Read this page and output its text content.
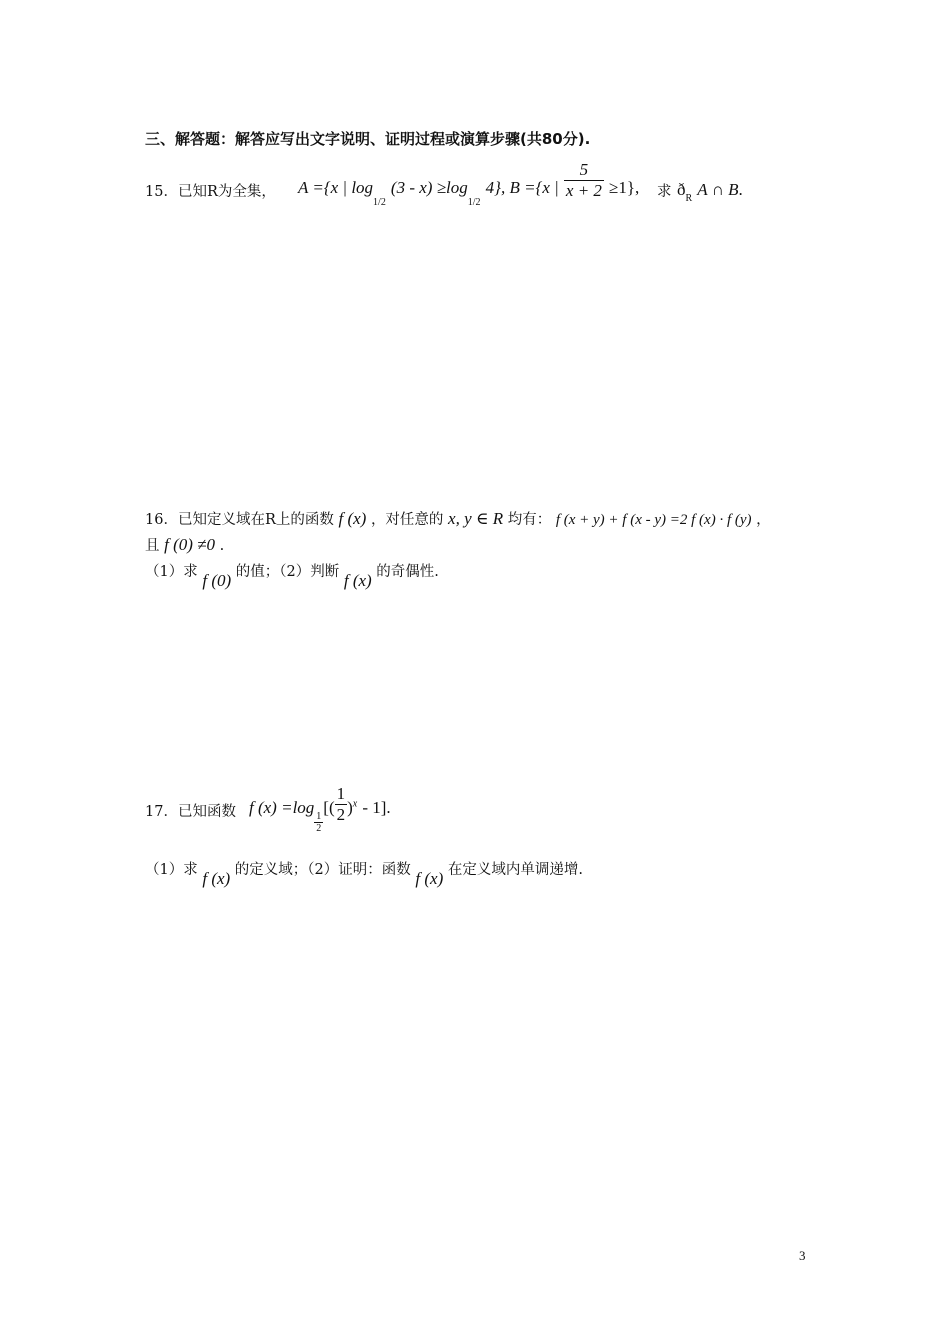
三、解答题：解答应写出文字说明、证明过程或演算步骤(共80分).
15．已知R为全集， A ={x | $\log_{1/2} (3 - x) \ge\log_{1/2}$ 4}, B ={x | $\frac{5}{x + 2} \ge 1$}, 求 $ð_R$ A ∩ B.
16．已知定义域在R上的函数 f (x) ，对任意的 x, y ∈ R 均有： f (x + y) + f (x - y) =2 f (x) · f (y) ，
且 f (0) ≠0 .
（1）求 f (0) 的值；（2）判断 f (x) 的奇偶性.
17．已知函数 f (x) =log
$\frac{1}{2}$
[( $\frac{1}{2} )^x - 1$].
（1）求 f (x) 的定义域；（2）证明：函数 f (x) 在定义域内单调递增.
3
